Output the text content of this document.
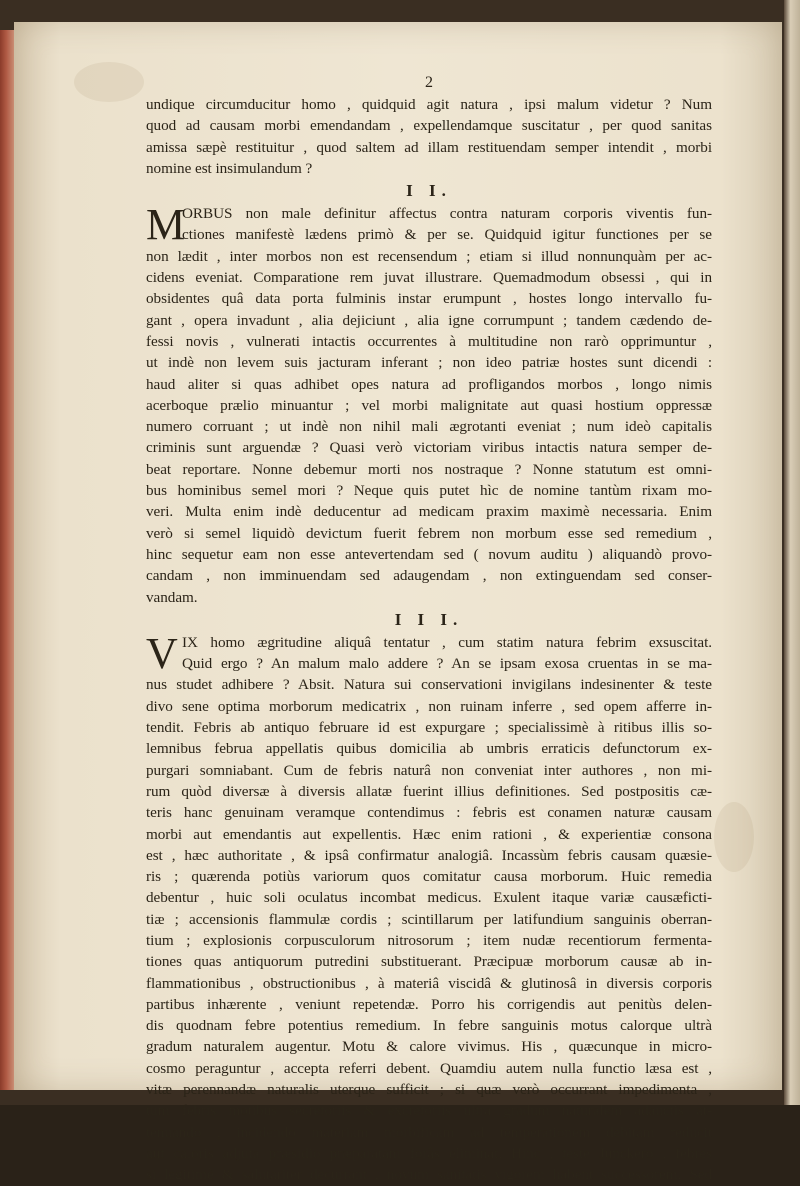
2
undique circumducitur homo , quidquid agit natura , ipsi malum videtur ? Num
quod ad causam morbi emendandam , expellendamque suscitatur , per quod sanitas
amissa sæpè restituitur , quod saltem ad illam restituendam semper intendit , morbi
nomine est insimulandum ?
I I.
M
ORBUS non male definitur affectus contra naturam corporis viventis fun-
ctiones manifestè lædens primò & per se. Quidquid igitur functiones per se
non lædit , inter morbos non est recensendum ; etiam si illud nonnunquàm per ac-
cidens eveniat. Comparatione rem juvat illustrare. Quemadmodum obsessi , qui in
obsidentes quâ data porta fulminis instar erumpunt , hostes longo intervallo fu-
gant , opera invadunt , alia dejiciunt , alia igne corrumpunt ; tandem cædendo de-
fessi novis , vulnerati intactis occurrentes à multitudine non rarò opprimuntur ,
ut indè non levem suis jacturam inferant ; non ideo patriæ hostes sunt dicendi :
haud aliter si quas adhibet opes natura ad profligandos morbos , longo nimis
acerboque prælio minuantur ; vel morbi malignitate aut quasi hostium oppressæ
numero corruant ; ut indè non nihil mali ægrotanti eveniat ; num ideò capitalis
criminis sunt arguendæ ? Quasi verò victoriam viribus intactis natura semper de-
beat reportare. Nonne debemur morti nos nostraque ? Nonne statutum est omni-
bus hominibus semel mori ? Neque quis putet hìc de nomine tantùm rixam mo-
veri. Multa enim indè deducentur ad medicam praxim maximè necessaria. Enim
verò si semel liquidò devictum fuerit febrem non morbum esse sed remedium ,
hinc sequetur eam non esse antevertendam sed ( novum auditu ) aliquandò provo-
candam , non imminuendam sed adaugendam , non extinguendam sed conser-
vandam.
I I I.
V IX homo ægritudine aliquâ tentatur , cum statim natura febrim exsuscitat.
Quid ergo ? An malum malo addere ? An se ipsam exosa cruentas in se ma-
nus studet adhibere ? Absit. Natura sui conservationi invigilans indesinenter & teste
divo sene optima morborum medicatrix , non ruinam inferre , sed opem afferre in-
tendit. Febris ab antiquo februare id est expurgare ; specialissimè à ritibus illis so-
lemnibus februa appellatis quibus domicilia ab umbris erraticis defunctorum ex-
purgari somniabant. Cum de febris naturâ non conveniat inter authores , non mi-
rum quòd diversæ à diversis allatæ fuerint illius definitiones. Sed postpositis cæ-
teris hanc genuinam veramque contendimus : febris est conamen naturæ causam
morbi aut emendantis aut expellentis. Hæc enim rationi , & experientiæ consona
est , hæc authoritate , & ipsâ confirmatur analogiâ. Incassùm febris causam quæsie-
ris ; quærenda potiùs variorum quos comitatur causa morborum. Huic remedia
debentur , huic soli oculatus incombat medicus. Exulent itaque variæ causæficti-
tiæ ; accensionis flammulæ cordis ; scintillarum per latifundium sanguinis oberran-
tium ; explosionis corpusculorum nitrosorum ; item nudæ recentiorum fermenta-
tiones quas antiquorum putredini substituerant. Præcipuæ morborum causæ ab in-
flammationibus , obstructionibus , à materiâ viscidâ & glutinosâ in diversis corporis
partibus inhærente , veniunt repetendæ. Porro his corrigendis aut penitùs delen-
dis quodnam febre potentius remedium. In febre sanguinis motus calorque ultrà
gradum naturalem augentur. Motu & calore vivimus. His , quæcunque in micro-
cosmo peraguntur , accepta referri debent. Quamdiu autem nulla functio læsa est ,
vitæ perennandæ naturalis uterque sufficit ; si quæ verò occurrant impedimenta ,
tum febris motibus secretoriis & excretoriis ultra gradum naturalem adauctis at-
tenuando , incidendo materiam morbificam ad temperationem debitam reducit
aut caloris adjuta præsidio præparatam forâs eliminat. Hinc , teste Junckero , febres
si legitimè & salutariter decurrant , novum sanitatis vigorem habent successorem. Sed
